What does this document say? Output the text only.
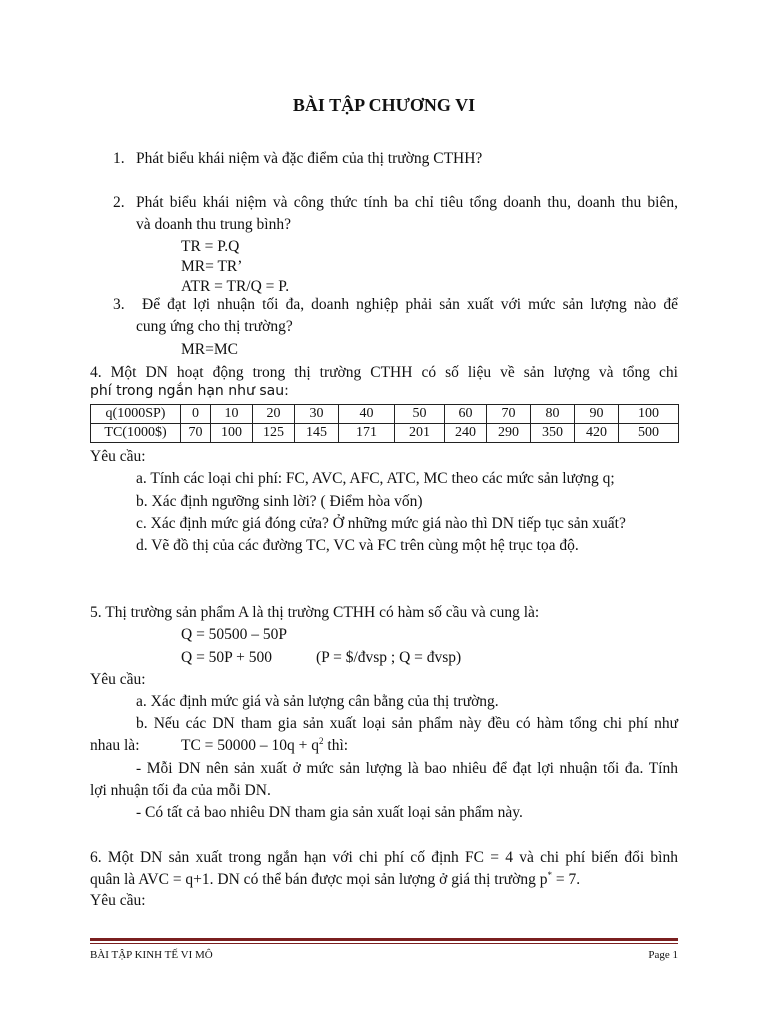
BÀI TẬP CHƯƠNG VI
1. Phát biểu khái niệm và đặc điểm của thị trường CTHH?
2. Phát biểu khái niệm và công thức tính ba chỉ tiêu tổng doanh thu, doanh thu biên,
và doanh thu trung bình?
TR = P.Q
MR= TR’
ATR = TR/Q = P.
3. Để đạt lợi nhuận tối đa, doanh nghiệp phải sản xuất với mức sản lượng nào để
cung ứng cho thị trường?
MR=MC
4. Một DN hoạt động trong thị trường CTHH có số liệu về sản lượng và tổng chi
phí trong ngắn hạn như sau:
q(1000SP)	0	10	20	30	40	50	60	70	80	90	100
TC(1000$)	70	100	125	145	171	201	240	290	350	420	500
Yêu cầu:
a. Tính các loại chi phí: FC, AVC, AFC, ATC, MC theo các mức sản lượng q;
b. Xác định ngưỡng sinh lời? ( Điểm hòa vốn)
c. Xác định mức giá đóng cửa? Ở những mức giá nào thì DN tiếp tục sản xuất?
d. Vẽ đồ thị của các đường TC, VC và FC trên cùng một hệ trục tọa độ.
5. Thị trường sản phẩm A là thị trường CTHH có hàm số cầu và cung là:
Q = 50500 – 50P
Q = 50P + 500	(P = $/đvsp ; Q = đvsp)
Yêu cầu:
a. Xác định mức giá và sản lượng cân bằng của thị trường.
b. Nếu các DN tham gia sản xuất loại sản phẩm này đều có hàm tổng chi phí như
nhau là:	TC = $50000 - 10q + q^2$ thì:
- Mỗi DN nên sản xuất ở mức sản lượng là bao nhiêu để đạt lợi nhuận tối đa. Tính
lợi nhuận tối đa của mỗi DN.
- Có tất cả bao nhiêu DN tham gia sản xuất loại sản phẩm này.
6. Một DN sản xuất trong ngắn hạn với chi phí cố định FC = 4 và chi phí biến đổi bình
quân là AVC = q+1. DN có thể bán được mọi sản lượng ở giá thị trường p* = 7.
Yêu cầu:
BÀI TẬP KINH TẾ VI MÔ	Page 1
